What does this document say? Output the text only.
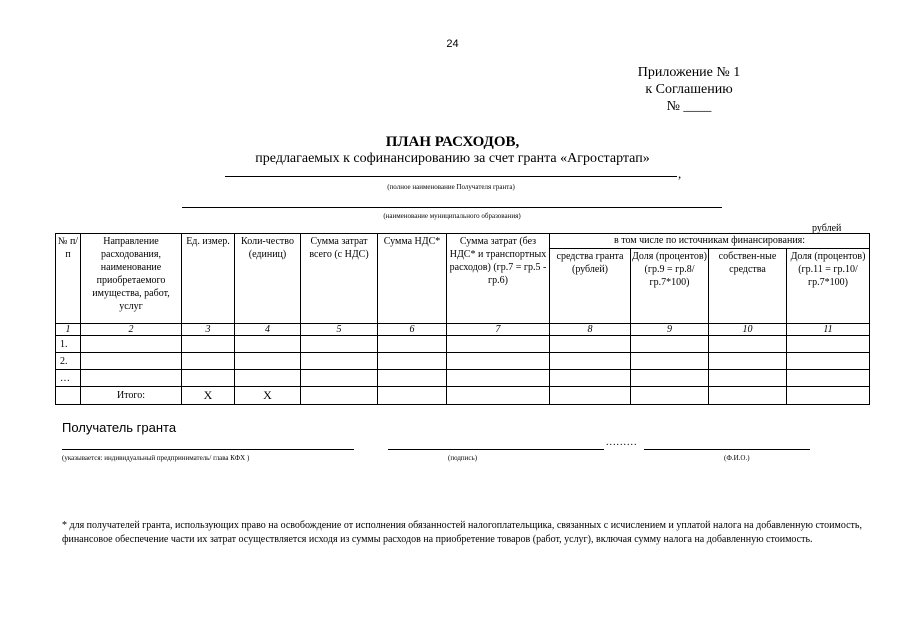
24
Приложение № 1
к Соглашению
№ ____
ПЛАН РАСХОДОВ,
предлагаемых к софинансированию за счет гранта «Агростартап»
,
(полное наименование Получателя гранта)
(наименование муниципального образования)
рублей
№ п/п	Направление расходования, наименование приобретаемого имущества, работ, услуг	Ед. измер.	Коли-чество (единиц)	Сумма затрат всего (с НДС)	Сумма НДС*	Сумма затрат (без НДС* и транспортных расходов) (гр.7 = гр.5 - гр.6)	в том числе по источникам финансирования:			
							средства гранта (рублей)	Доля (процентов) (гр.9 = гр.8/гр.7*100)	собствен-ные средства	Доля (процентов) (гр.11 = гр.10/гр.7*100)
1	2	3	4	5	6	7	8	9	10	11
1.										
2.										
…										
	Итого:	Х	Х							
Получатель гранта
(указывается: индивидуальный предприниматель/ глава КФХ )
.........
(подпись)	(Ф.И.О.)
* для получателей гранта, использующих право на освобождение от исполнения обязанностей налогоплательщика, связанных с исчислением и уплатой налога на добавленную стоимость, финансовое обеспечение части их затрат осуществляется исходя из суммы расходов на приобретение товаров (работ, услуг), включая сумму налога на добавленную стоимость.
